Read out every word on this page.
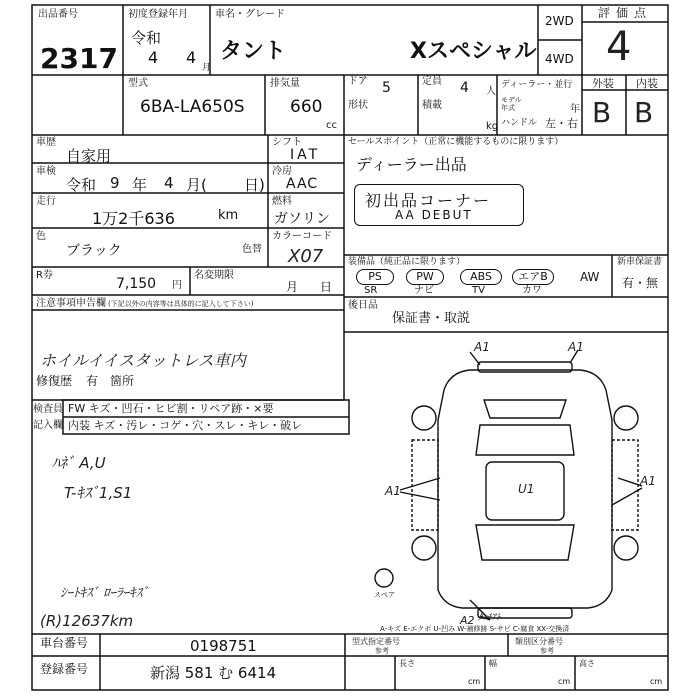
出品番号
2317
初度登録年月
令和
4 4
月
車名・グレード
タント	Xスペシャル
2WD
4WD
評価点
4
型式
6BA-LA650S
排気量
660
cc
ドア 5
形状
定員 4 人
積載
kg
ディーラー・並行
モデル年式	年
ハンドル 左・右
外装
B
内装
B
車歴
自家用
車検
令和 9 年 4 月( 日)
走行
1万2千636	km
色
ブラック	色替
R券
7,150 円
名変期限
月 日
シフト
IAT
冷房
AAC
燃料
ガソリン
カラーコード
X07
セールスポイント（正常に機能するものに限ります）
ディーラー出品
初出品コーナー
AA DEBUT
装備品（純正品に限ります）
PS
SR
PW
ナビ
ABS
TV
エアB
カワ
AW
新車保証書
有・無
後日品
保証書・取説
注意事項申告欄 (下記以外の内容等は具体的に記入して下さい)
ホイルイイスタットレス車内
修復歴 有 箇所
検査員
記入欄
FW キズ・凹石・ヒビ割・リペア跡・×要
内装 キズ・汚レ・コゲ・穴・スレ・キレ・破レ
ﾊﾈﾞ A,U
T-ｷｽﾞ1,S1
ｼｰﾄｷｽﾞ ﾛｰﾗｰｷｽﾞ
(R)12637km
A1	A1
A1	U1
A1
A2 ﾀｯﾁｱﾄ
スペア
A-キズ E-エクボ U-凹み W-補修跡 S-サビ C-腐食 XX-交換済
車台番号	0198751
登録番号	新潟 581 む 6414
型式指定番号
参考
類別区分番号
参考
長さ
cm
幅
cm
高さ
cm
